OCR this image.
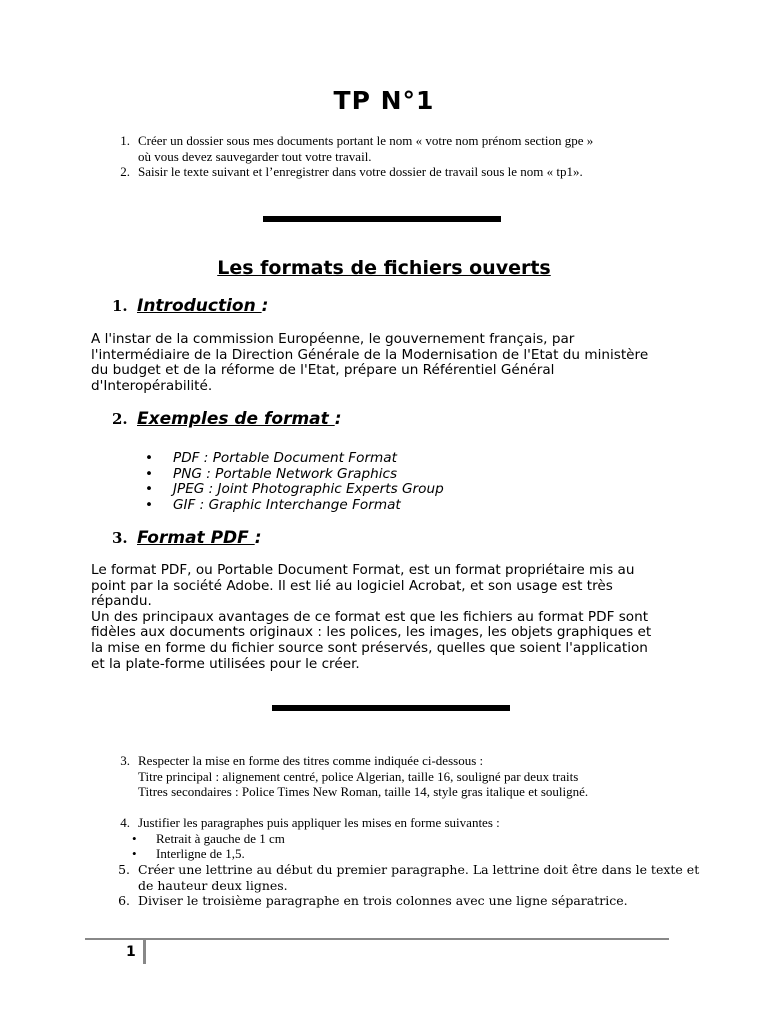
TP N°1
1. Créer un dossier sous mes documents portant le nom « votre nom prénom section gpe »
où vous devez sauvegarder tout votre travail.
2. Saisir le texte suivant et l’enregistrer dans votre dossier de travail sous le nom « tp1».
Les formats de fichiers ouverts
1. Introduction :
A l'instar de la commission Européenne, le gouvernement français, par
l'intermédiaire de la Direction Générale de la Modernisation de l'Etat du ministère
du budget et de la réforme de l'Etat, prépare un Référentiel Général
d'Interopérabilité.
2. Exemples de format :
• PDF : Portable Document Format
• PNG : Portable Network Graphics
• JPEG : Joint Photographic Experts Group
• GIF : Graphic Interchange Format
3. Format PDF :
Le format PDF, ou Portable Document Format, est un format propriétaire mis au
point par la société Adobe. Il est lié au logiciel Acrobat, et son usage est très
répandu.
Un des principaux avantages de ce format est que les fichiers au format PDF sont
fidèles aux documents originaux : les polices, les images, les objets graphiques et
la mise en forme du fichier source sont préservés, quelles que soient l'application
et la plate-forme utilisées pour le créer.
3. Respecter la mise en forme des titres comme indiquée ci-dessous :
Titre principal : alignement centré, police Algerian, taille 16, souligné par deux traits
Titres secondaires : Police Times New Roman, taille 14, style gras italique et souligné.
4. Justifier les paragraphes puis appliquer les mises en forme suivantes :
• Retrait à gauche de 1 cm
• Interligne de 1,5.
5. Créer une lettrine au début du premier paragraphe. La lettrine doit être dans le texte et
de hauteur deux lignes.
6. Diviser le troisième paragraphe en trois colonnes avec une ligne séparatrice.
1
